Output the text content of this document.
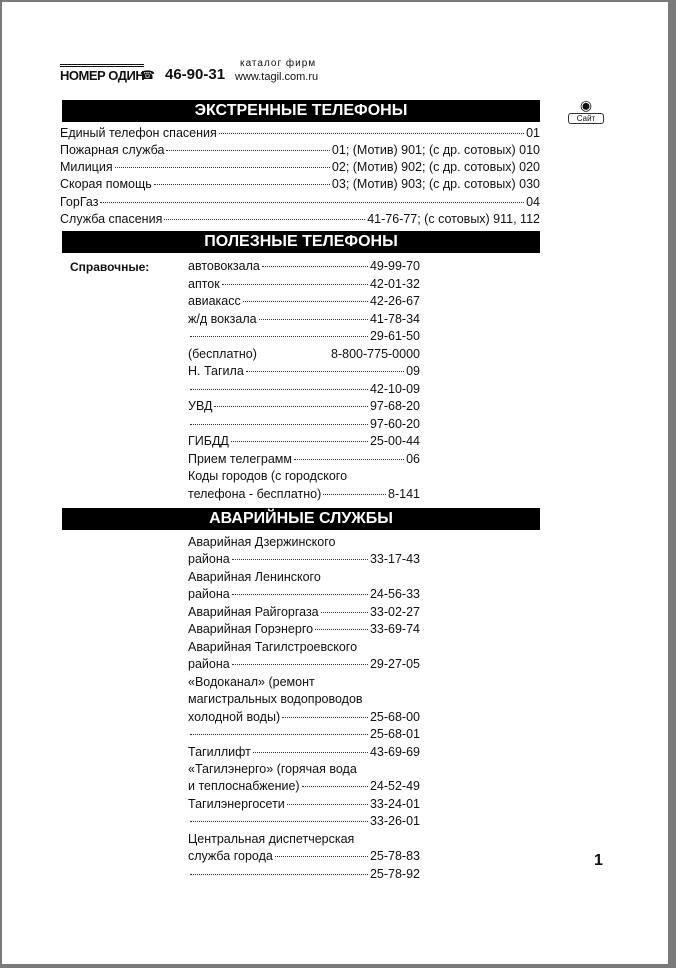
НОМЕР ОДИН
☎ 46-90-31
каталог фирм
www.tagil.com.ru
◉
Сайт
ЭКСТРЕННЫЕ ТЕЛЕФОНЫ
Единый телефон спасения	01
Пожарная служба	01; (Мотив) 901; (с др. сотовых) 010
Милиция	02; (Мотив) 902; (с др. сотовых) 020
Скорая помощь	03; (Мотив) 903; (с др. сотовых) 030
ГорГаз	04
Служба спасения	41-76-77; (с сотовых) 911, 112
ПОЛЕЗНЫЕ ТЕЛЕФОНЫ
Справочные:	автовокзала	49-99-70
апток	42-01-32
авиакасс	42-26-67
ж/д вокзала	41-78-34
29-61-50
(бесплатно)	8-800-775-0000
Н. Тагила	09
42-10-09
УВД	97-68-20
97-60-20
ГИБДД	25-00-44
Прием телеграмм	06
Коды городов (с городского
телефона - бесплатно)	8-141
АВАРИЙНЫЕ СЛУЖБЫ
Аварийная Дзержинского
района	33-17-43
Аварийная Ленинского
района	24-56-33
Аварийная Райгоргаза	33-02-27
Аварийная Горэнерго	33-69-74
Аварийная Тагилстроевского
района	29-27-05
«Водоканал» (ремонт
магистральных водопроводов
холодной воды)	25-68-00
25-68-01
Тагиллифт	43-69-69
«Тагилэнерго» (горячая вода
и теплоснабжение)	24-52-49
Тагилэнергосети	33-24-01
33-26-01
Центральная диспетчерская
служба города	25-78-83
25-78-92
1
